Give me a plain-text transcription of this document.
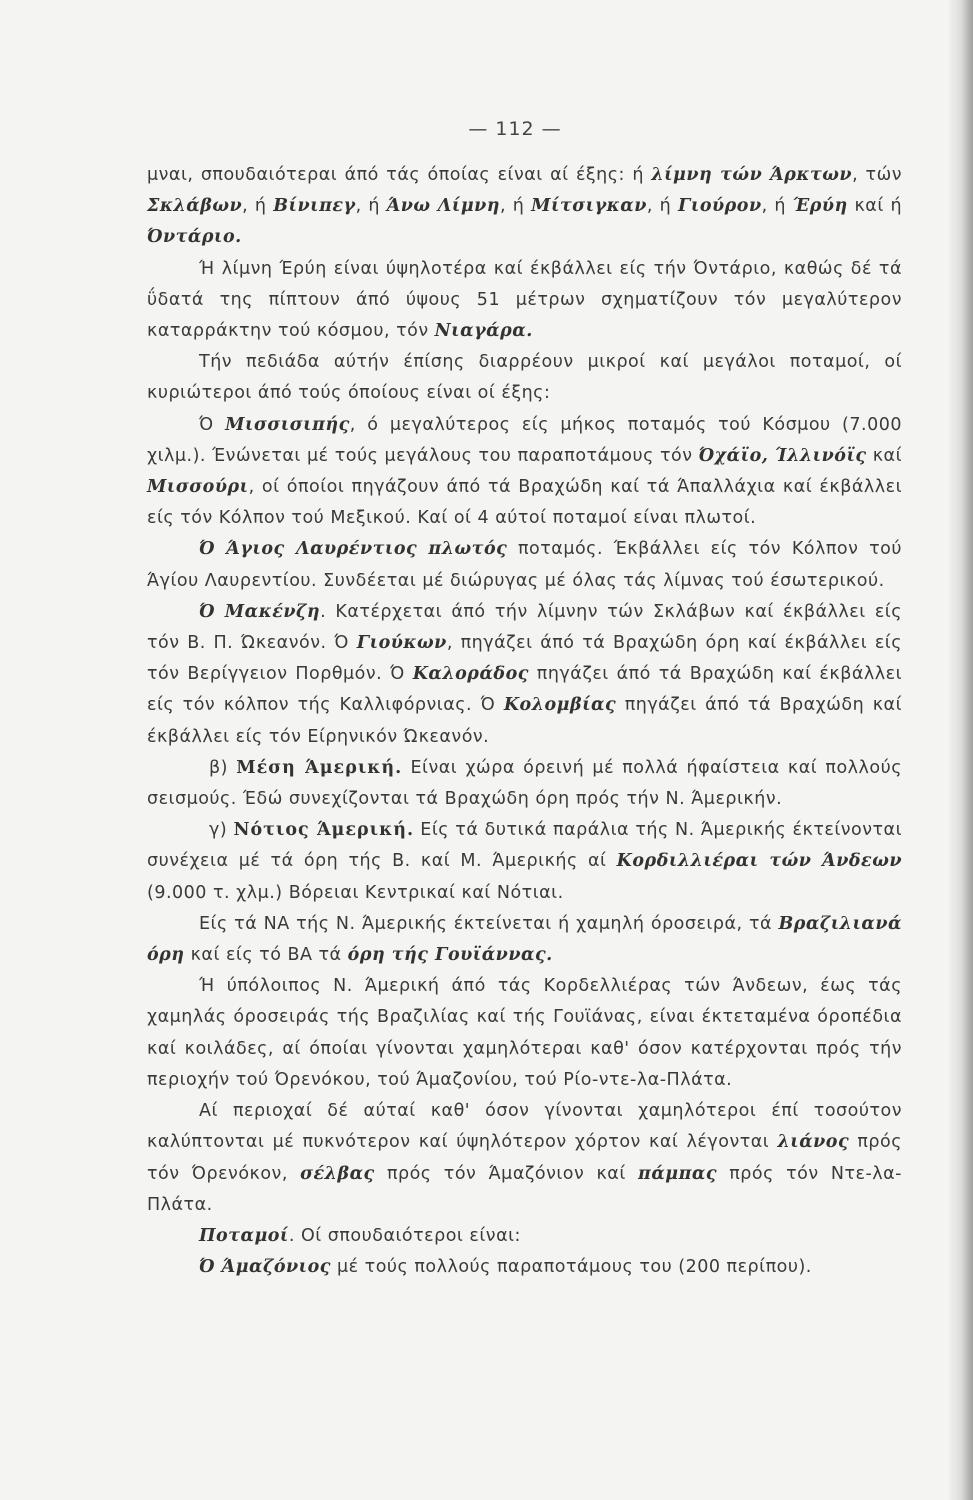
— 112 —

μναι, σπουδαιότεραι άπό τάς όποίας είναι αί έξης: ή λίμνη τών Άρκτων, τών Σκλάβων, ή Βίνιπεγ, ή Άνω Λίμνη, ή Μίτσιγκαν, ή Γιούρον, ή Έρύη καί ή Όντάριο.

Ή λίμνη Έρύη είναι ύψηλοτέρα καί έκβάλλει είς τήν Όντάριο, καθώς δέ τά ΰδατά της πίπτουν άπό ύψους 51 μέτρων σχηματίζουν τόν μεγαλύτερον καταρράκτην τού κόσμου, τόν Νιαγάρα.

Τήν πεδιάδα αύτήν έπίσης διαρρέουν μικροί καί μεγάλοι ποταμοί, οί κυριώτεροι άπό τούς όποίους είναι οί έξης:

Ό Μισσισιπής, ό μεγαλύτερος είς μήκος ποταμός τού Κόσμου (7.000 χιλμ.). Ένώνεται μέ τούς μεγάλους του παραποτάμους τόν Όχάϊο, Ίλλινόϊς καί Μισσούρι, οί όποίοι πηγάζουν άπό τά Βραχώδη καί τά Άπαλλάχια καί έκβάλλει είς τόν Κόλπον τού Μεξικού. Καί οί 4 αύτοί ποταμοί είναι πλωτοί.

Ό Άγιος Λαυρέντιος πλωτός ποταμός. Έκβάλλει είς τόν Κόλπον τού Άγίου Λαυρεντίου. Συνδέεται μέ διώρυγας μέ όλας τάς λίμνας τού έσωτερικού.

Ό Μακένζη. Κατέρχεται άπό τήν λίμνην τών Σκλάβων καί έκβάλλει είς τόν Β. Π. Ώκεανόν. Ό Γιούκων, πηγάζει άπό τά Βραχώδη όρη καί έκβάλλει είς τόν Βερίγγειον Πορθμόν. Ό Καλοράδος πηγάζει άπό τά Βραχώδη καί έκβάλλει είς τόν κόλπον τής Καλλιφόρνιας. Ό Κολομβίας πηγάζει άπό τά Βραχώδη καί έκβάλλει είς τόν Είρηνικόν Ώκεανόν.

β) Μέση Άμερική. Είναι χώρα όρεινή μέ πολλά ήφαίστεια καί πολλούς σεισμούς. Έδώ συνεχίζονται τά Βραχώδη όρη πρός τήν Ν. Άμερικήν.

γ) Νότιος Άμερική. Είς τά δυτικά παράλια τής Ν. Άμερικής έκτείνονται συνέχεια μέ τά όρη τής Β. καί Μ. Άμερικής αί Κορδιλλιέραι τών Άνδεων (9.000 τ. χλμ.) Βόρειαι Κεντρικαί καί Νότιαι.

Είς τά ΝΑ τής Ν. Άμερικής έκτείνεται ή χαμηλή όροσειρά, τά Βραζιλιανά όρη καί είς τό ΒΑ τά όρη τής Γουϊάννας.

Ή ύπόλοιπος Ν. Άμερική άπό τάς Κορδελλιέρας τών Άνδεων, έως τάς χαμηλάς όροσειράς τής Βραζιλίας καί τής Γουϊάνας, είναι έκτεταμένα όροπέδια καί κοιλάδες, αί όποίαι γίνονται χαμηλότεραι καθ' όσον κατέρχονται πρός τήν περιοχήν τού Όρενόκου, τού Άμαζονίου, τού Ρίο-ντε-λα-Πλάτα.

Αί περιοχαί δέ αύταί καθ' όσον γίνονται χαμηλότεροι έπί τοσούτον καλύπτονται μέ πυκνότερον καί ύψηλότερον χόρτον καί λέγονται λιάνος πρός τόν Όρενόκον, σέλβας πρός τόν Άμαζόνιον καί πάμπας πρός τόν Ντε-λα-Πλάτα.

Ποταμοί. Οί σπουδαιότεροι είναι:

Ό Άμαζόνιος μέ τούς πολλούς παραποτάμους του (200 περίπου).
